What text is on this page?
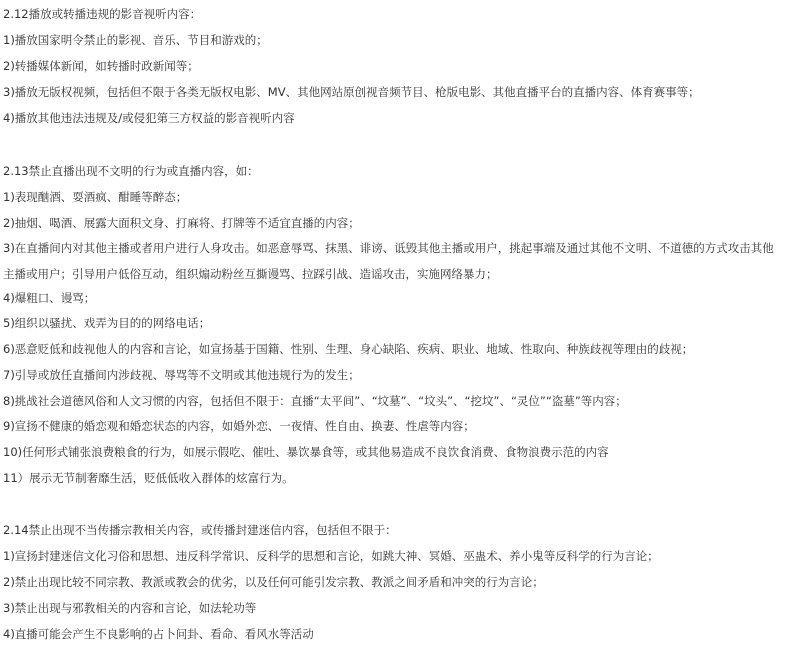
2.12播放或转播违规的影音视听内容：
1)播放国家明令禁止的影视、音乐、节目和游戏的；
2)转播媒体新闻，如转播时政新闻等；
3)播放无版权视频，包括但不限于各类无版权电影、MV、其他网站原创视音频节目、枪版电影、其他直播平台的直播内容、体育赛事等；
4)播放其他违法违规及/或侵犯第三方权益的影音视听内容
2.13禁止直播出现不文明的行为或直播内容，如：
1)表现酗酒、耍酒疯、酣睡等醉态；
2)抽烟、喝酒、展露大面积文身、打麻将、打牌等不适宜直播的内容；
3)在直播间内对其他主播或者用户进行人身攻击。如恶意辱骂、抹黑、诽谤、诋毁其他主播或用户，挑起事端及通过其他不文明、不道德的方式攻击其他主播或用户；引导用户低俗互动，组织煽动粉丝互撕谩骂、拉踩引战、造谣攻击，实施网络暴力；
4)爆粗口、谩骂；
5)组织以骚扰、戏弄为目的的网络电话；
6)恶意贬低和歧视他人的内容和言论，如宣扬基于国籍、性别、生理、身心缺陷、疾病、职业、地域、性取向、种族歧视等理由的歧视；
7)引导或放任直播间内涉歧视、辱骂等不文明或其他违规行为的发生；
8)挑战社会道德风俗和人文习惯的内容，包括但不限于：直播“太平间”、“坟墓”、“坟头”、“挖坟”、“灵位”“盗墓”等内容；
9)宣扬不健康的婚恋观和婚恋状态的内容，如婚外恋、一夜情、性自由、换妻、性虐等内容；
10)任何形式铺张浪费粮食的行为，如展示假吃、催吐、暴饮暴食等，或其他易造成不良饮食消费、食物浪费示范的内容
11）展示无节制奢靡生活，贬低低收入群体的炫富行为。
2.14禁止出现不当传播宗教相关内容，或传播封建迷信内容，包括但不限于：
1)宣扬封建迷信文化习俗和思想、违反科学常识、反科学的思想和言论，如跳大神、冥婚、巫蛊术、养小鬼等反科学的行为言论；
2)禁止出现比较不同宗教、教派或教会的优劣，以及任何可能引发宗教、教派之间矛盾和冲突的行为言论；
3)禁止出现与邪教相关的内容和言论，如法轮功等
4)直播可能会产生不良影响的占卜问卦、看命、看风水等活动
